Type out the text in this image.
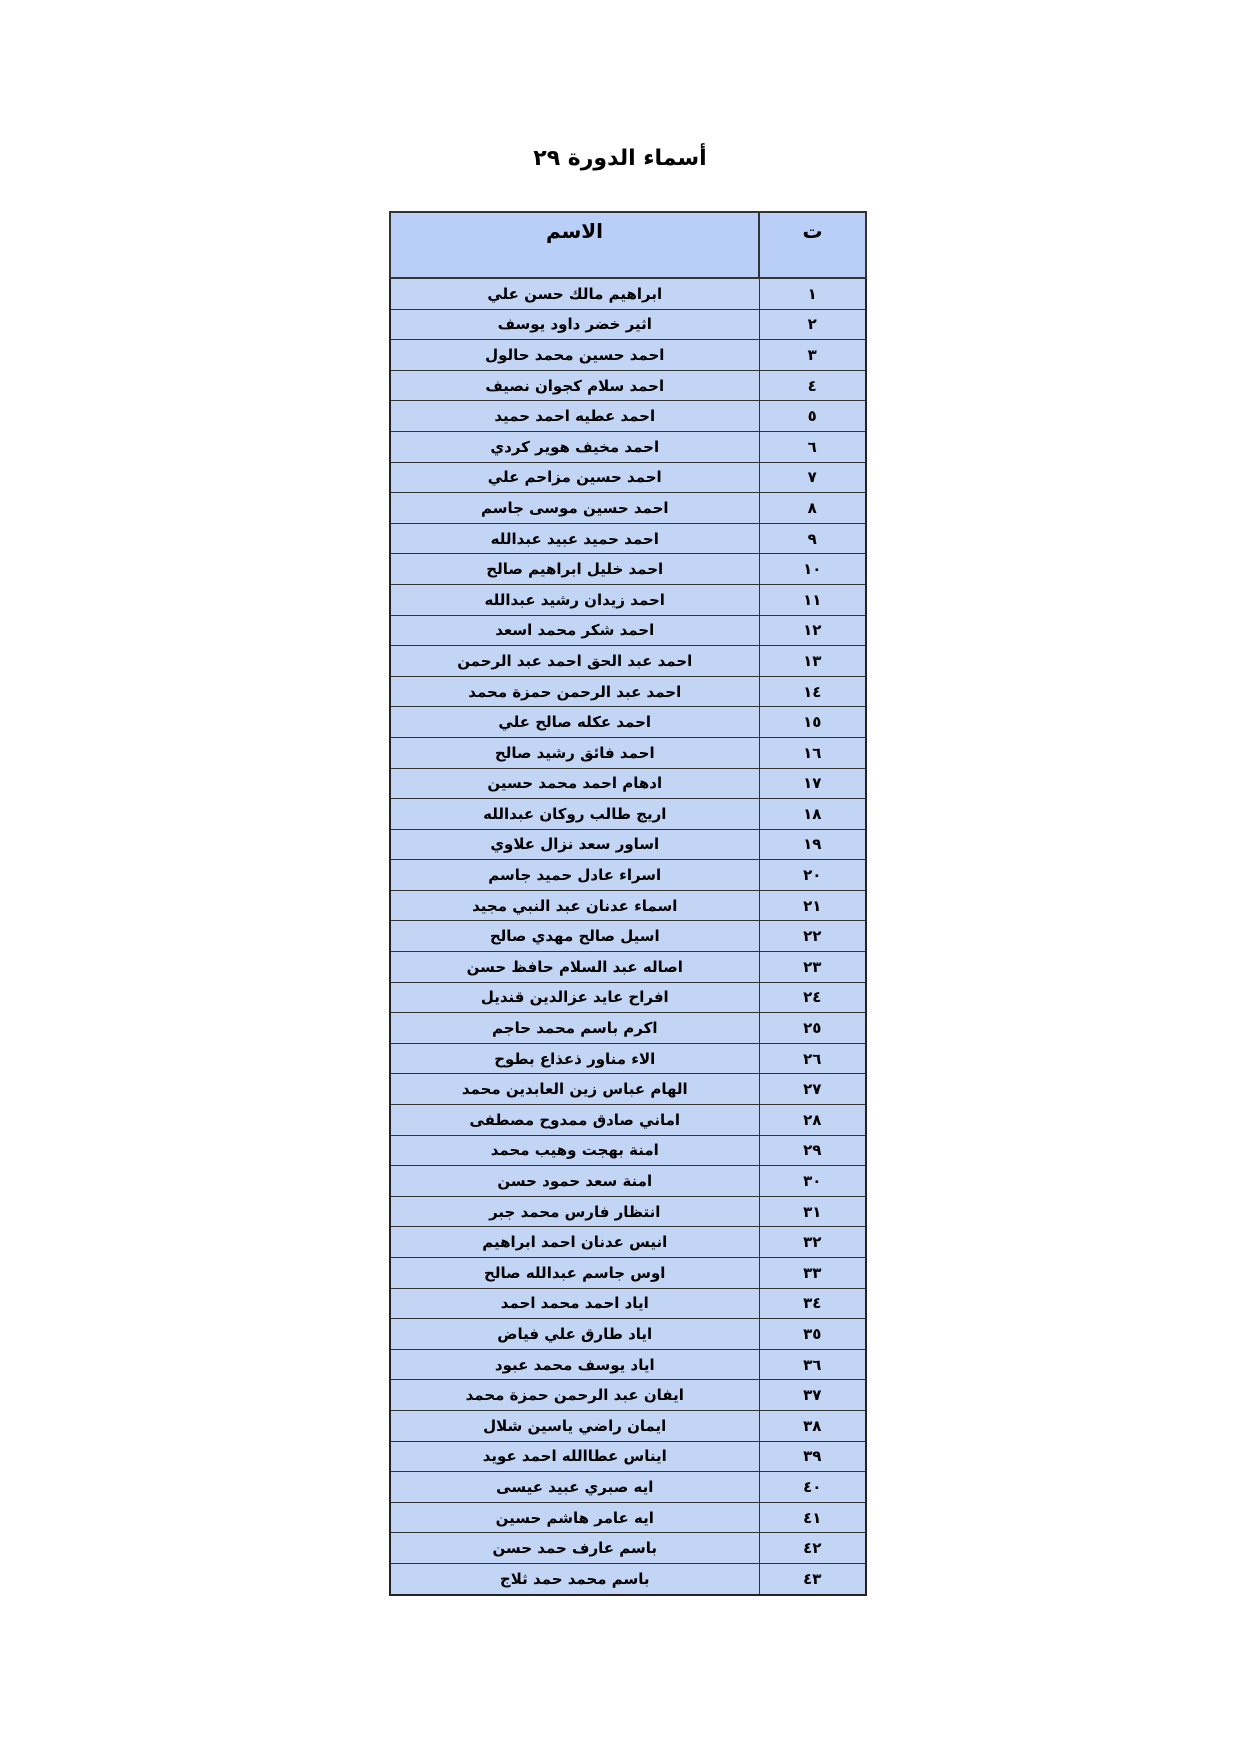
أسماء الدورة ٢٩
ت	الاسم
١	ابراهيم مالك حسن علي
٢	اثير خضر داود يوسف
٣	احمد حسين محمد حالول
٤	احمد سلام كجوان نصيف
٥	احمد عطيه احمد حميد
٦	احمد مخيف هوير كردي
٧	احمد حسين مزاحم علي
٨	احمد حسين موسى جاسم
٩	احمد حميد عبيد عبدالله
١٠	احمد خليل ابراهيم صالح
١١	احمد زيدان رشيد عبدالله
١٢	احمد شكر محمد اسعد
١٣	احمد عبد الحق احمد عبد الرحمن
١٤	احمد عبد الرحمن حمزة محمد
١٥	احمد عكله صالح علي
١٦	احمد فائق رشيد صالح
١٧	ادهام احمد محمد حسين
١٨	اريج طالب روكان عبدالله
١٩	اساور سعد نزال علاوي
٢٠	اسراء عادل حميد جاسم
٢١	اسماء عدنان عبد النبي مجيد
٢٢	اسيل صالح مهدي صالح
٢٣	اصاله عبد السلام حافظ حسن
٢٤	افراح عايد عزالدين قنديل
٢٥	اكرم باسم محمد حاجم
٢٦	الاء مناور ذعذاع بطوح
٢٧	الهام عباس زين العابدين محمد
٢٨	اماني صادق ممدوح مصطفى
٢٩	امنة بهجت وهيب محمد
٣٠	امنة سعد حمود حسن
٣١	انتظار فارس محمد جبر
٣٢	انيس عدنان احمد ابراهيم
٣٣	اوس جاسم عبدالله صالح
٣٤	اياد احمد محمد احمد
٣٥	اياد طارق علي فياض
٣٦	اياد يوسف محمد عبود
٣٧	ايفان عبد الرحمن حمزة محمد
٣٨	ايمان راضي ياسين شلال
٣٩	ايناس عطاالله احمد عويد
٤٠	ايه صبري عبيد عيسى
٤١	ايه عامر هاشم حسين
٤٢	باسم عارف حمد حسن
٤٣	باسم محمد حمد ثلاج
